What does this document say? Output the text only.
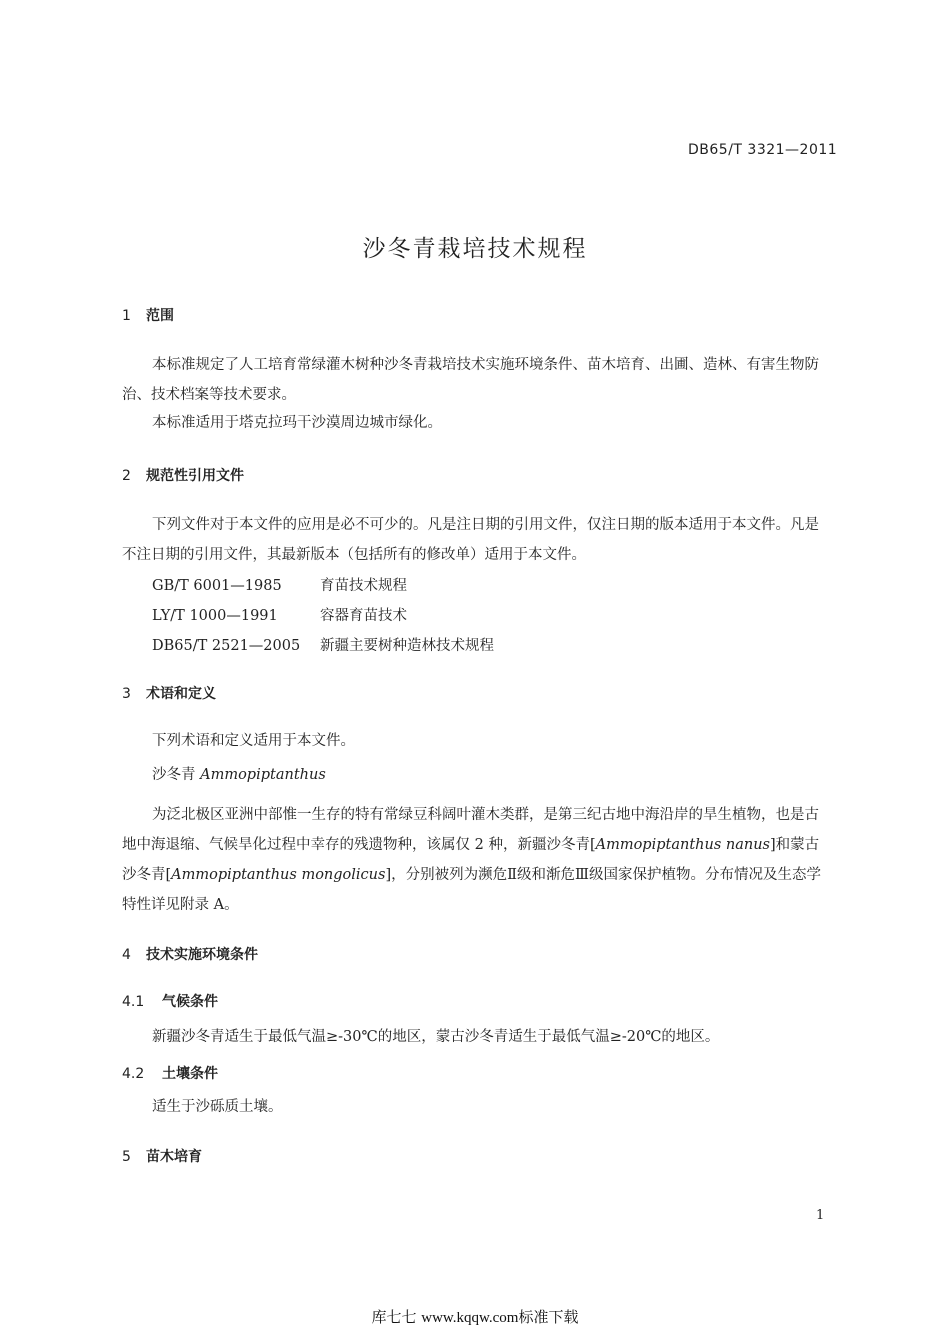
DB65/T 3321—2011
沙冬青栽培技术规程
1 范围
本标准规定了人工培育常绿灌木树种沙冬青栽培技术实施环境条件、苗木培育、出圃、造林、有害生物防治、技术档案等技术要求。
本标准适用于塔克拉玛干沙漠周边城市绿化。
2 规范性引用文件
下列文件对于本文件的应用是必不可少的。凡是注日期的引用文件，仅注日期的版本适用于本文件。凡是不注日期的引用文件，其最新版本（包括所有的修改单）适用于本文件。
GB/T 6001—1985	育苗技术规程
LY/T 1000—1991	容器育苗技术
DB65/T 2521—2005 新疆主要树种造林技术规程
3 术语和定义
下列术语和定义适用于本文件。
沙冬青 Ammopiptanthus
为泛北极区亚洲中部惟一生存的特有常绿豆科阔叶灌木类群，是第三纪古地中海沿岸的旱生植物，也是古地中海退缩、气候旱化过程中幸存的残遗物种，该属仅 2 种，新疆沙冬青[Ammopiptanthus nanus]和蒙古沙冬青[Ammopiptanthus mongolicus]，分别被列为濒危Ⅱ级和渐危Ⅲ级国家保护植物。分布情况及生态学特性详见附录 A。
4 技术实施环境条件
4.1 气候条件
新疆沙冬青适生于最低气温≥-30℃的地区，蒙古沙冬青适生于最低气温≥-20℃的地区。
4.2 土壤条件
适生于沙砾质土壤。
5 苗木培育
1
库七七 www.kqqw.com标准下载
